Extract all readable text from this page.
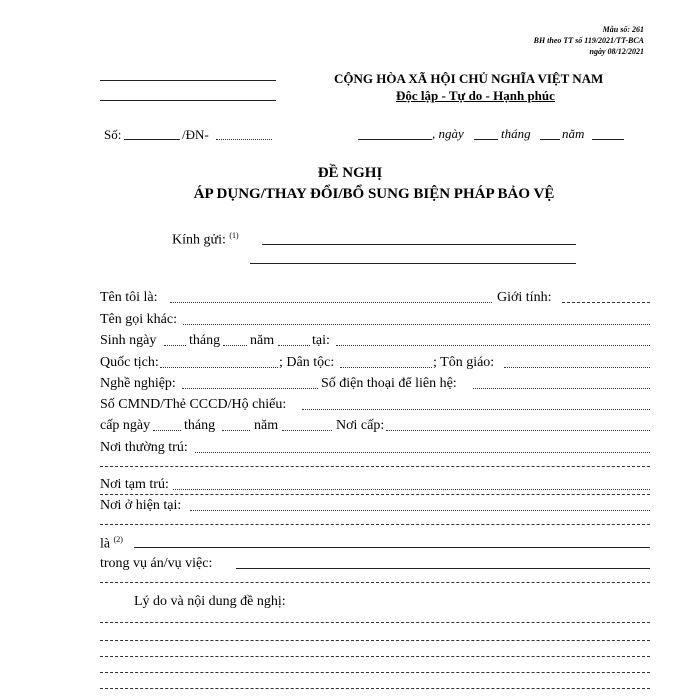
Mẫu số: 261
BH theo TT số 119/2021/TT-BCA
ngày 08/12/2021
CỘNG HÒA XÃ HỘI CHỦ NGHĨA VIỆT NAM
Độc lập - Tự do - Hạnh phúc
Số:	/ĐN-	, ngày	tháng năm
ĐỀ NGHỊ
ÁP DỤNG/THAY ĐỔI/BỔ SUNG BIỆN PHÁP BẢO VỆ
Kính gửi: $^{(1)}$
Tên tôi là:	Giới tính:
Tên gọi khác:
Sinh ngày tháng năm	tại:
Quốc tịch:	; Dân tộc:	; Tôn giáo:
Nghề nghiệp:	Số điện thoại để liên hệ:
Số CMND/Thẻ CCCD/Hộ chiếu:
cấp ngày tháng	năm	Nơi cấp:
Nơi thường trú:
Nơi tạm trú:
Nơi ở hiện tại:
là $^{(2)}$
trong vụ án/vụ việc:
Lý do và nội dung đề nghị:
